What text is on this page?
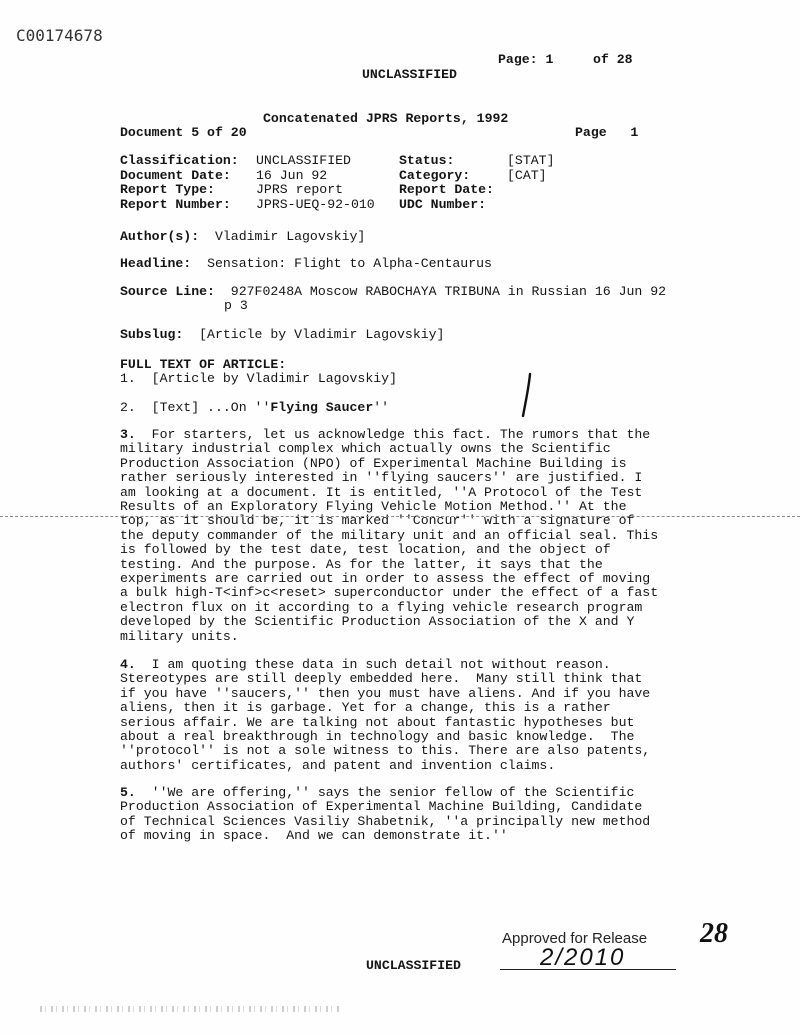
C00174678
Page: 1     of 28
UNCLASSIFIED
Concatenated JPRS Reports, 1992
Document 5 of 20	Page   1
Classification:	UNCLASSIFIED	Status:	[STAT]
Document Date:	16 Jun 92	Category:	[CAT]
Report Type:	JPRS report	Report Date:
Report Number:	JPRS-UEQ-92-010	UDC Number:
Author(s): Vladimir Lagovskiy]
Headline: Sensation: Flight to Alpha-Centaurus
Source Line: 927F0248A Moscow RABOCHAYA TRIBUNA in Russian 16 Jun 92
p 3
Subslug: [Article by Vladimir Lagovskiy]
FULL TEXT OF ARTICLE:
1.  [Article by Vladimir Lagovskiy]
2.  [Text] ...On ''Flying Saucer''
3.  For starters, let us acknowledge this fact. The rumors that the military industrial complex which actually owns the Scientific Production Association (NPO) of Experimental Machine Building is rather seriously interested in ''flying saucers'' are justified. I am looking at a document. It is entitled, ''A Protocol of the Test Results of an Exploratory Flying Vehicle Motion Method.'' At the top, as it should be, it is marked ''Concur'' with a signature of the deputy commander of the military unit and an official seal. This is followed by the test date, test location, and the object of testing. And the purpose. As for the latter, it says that the experiments are carried out in order to assess the effect of moving a bulk high-T<inf>c<reset> superconductor under the effect of a fast electron flux on it according to a flying vehicle research program developed by the Scientific Production Association of the X and Y military units.
4.  I am quoting these data in such detail not without reason. Stereotypes are still deeply embedded here.  Many still think that if you have ''saucers,'' then you must have aliens. And if you have aliens, then it is garbage. Yet for a change, this is a rather serious affair. We are talking not about fantastic hypotheses but about a real breakthrough in technology and basic knowledge.  The ''protocol'' is not a sole witness to this. There are also patents, authors' certificates, and patent and invention claims.
5.  ''We are offering,'' says the senior fellow of the Scientific Production Association of Experimental Machine Building, Candidate of Technical Sciences Vasiliy Shabetnik, ''a principally new method of moving in space.  And we can demonstrate it.''
28
Approved for Release
2/2010
UNCLASSIFIED
